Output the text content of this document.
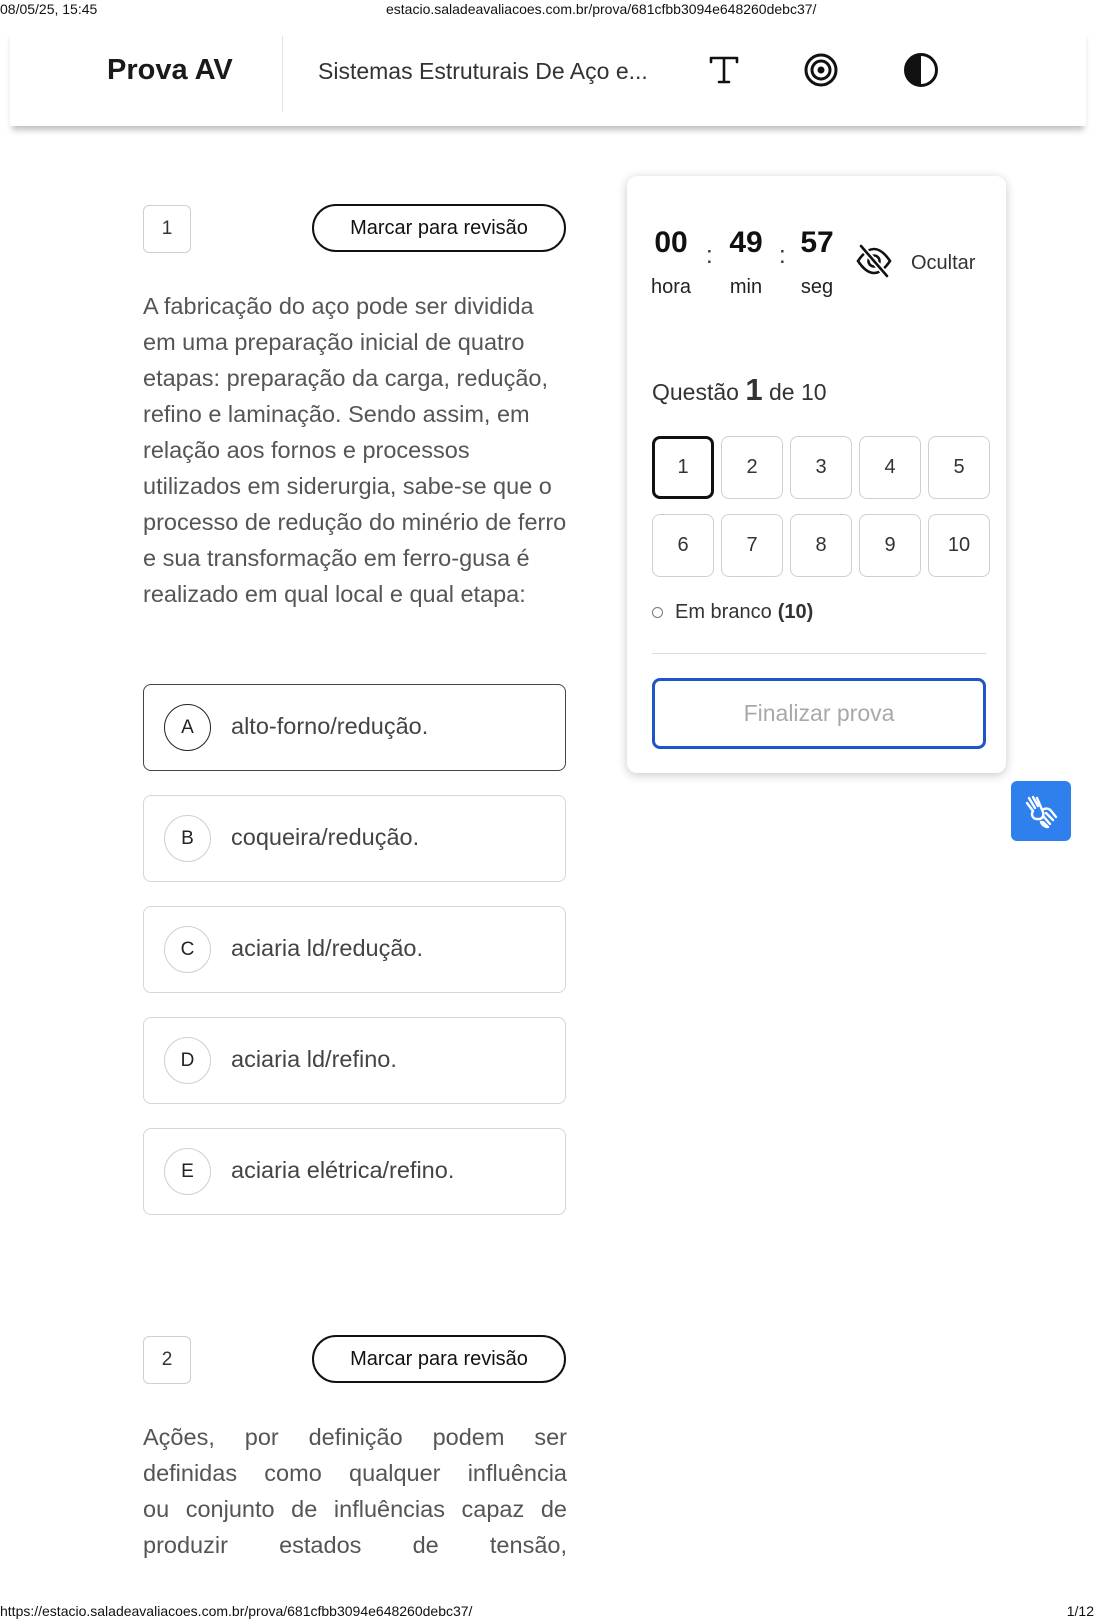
08/05/25, 15:45	estacio.saladeavaliacoes.com.br/prova/681cfbb3094e648260debc37/
Prova AV	Sistemas Estruturais De Aço e...
1	Marcar para revisão
A fabricação do aço pode ser dividida em uma preparação inicial de quatro etapas: preparação da carga, redução, refino e laminação. Sendo assim, em relação aos fornos e processos utilizados em siderurgia, sabe-se que o processo de redução do minério de ferro e sua transformação em ferro-gusa é realizado em qual local e qual etapa:
A	alto-forno/redução.
B	coqueira/redução.
C	aciaria ld/redução.
D	aciaria ld/refino.
E	aciaria elétrica/refino.
2	Marcar para revisão
Ações, por definição podem ser
definidas como qualquer influência
ou conjunto de influências capaz de
produzir estados de tensão,
00 : 49 : 57
hora	min	seg
Ocultar
Questão 1 de 10
1	2	3	4	5
6	7	8	9	10
Em branco (10)
Finalizar prova
https://estacio.saladeavaliacoes.com.br/prova/681cfbb3094e648260debc37/	1/12
